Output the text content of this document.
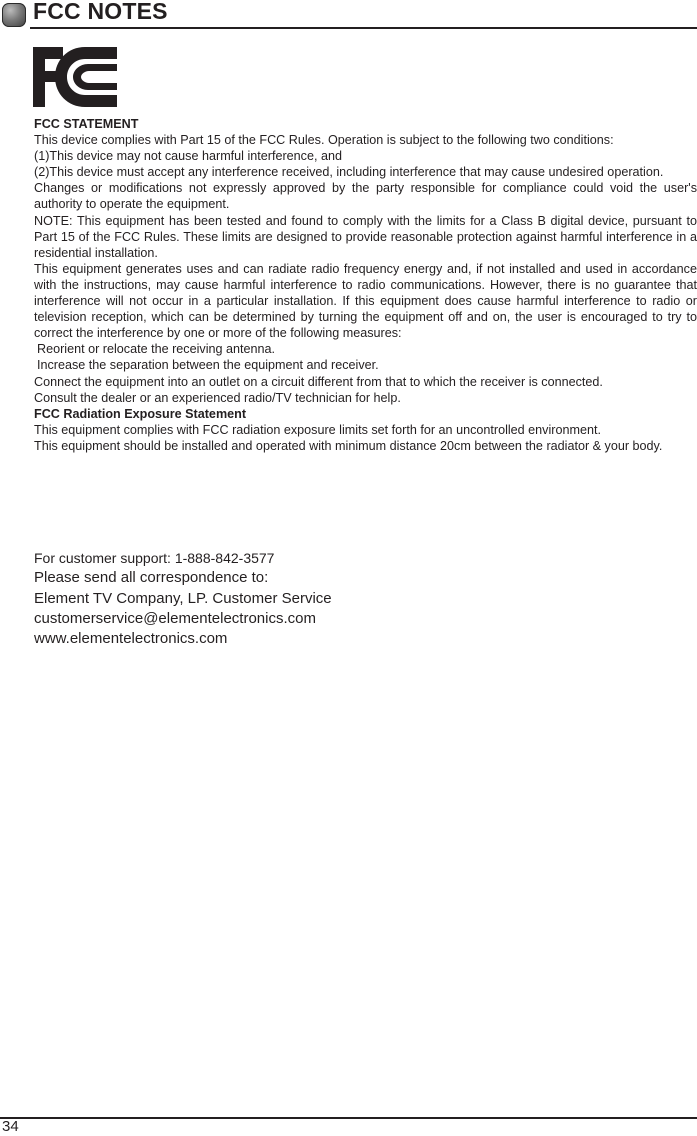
FCC NOTES

FCC STATEMENT

This device complies with Part 15 of the FCC Rules. Operation is subject to the following two conditions:

(1)This device may not cause harmful interference, and

(2)This device must accept any interference received, including interference that may cause undesired operation.

Changes or modifications not expressly approved by the party responsible for compliance could void the user's authority to operate the equipment.

NOTE: This equipment has been tested and found to comply with the limits for a Class B digital device, pursuant to Part 15 of the FCC Rules. These limits are designed to provide reasonable protection against harmful interference in a residential installation.

This equipment generates uses and can radiate radio frequency energy and, if not installed and used in accordance with the instructions, may cause harmful interference to radio communications. However, there is no guarantee that interference will not occur in a particular installation. If this equipment does cause harmful interference to radio or television reception, which can be determined by turning the equipment off and on, the user is encouraged to try to correct the interference by one or more of the following measures:

Reorient or relocate the receiving antenna.

Increase the separation between the equipment and receiver.

Connect the equipment into an outlet on a circuit different from that to which the receiver is connected.

Consult the dealer or an experienced radio/TV technician for help.

FCC Radiation Exposure Statement

This equipment complies with FCC radiation exposure limits set forth for an uncontrolled environment.

This equipment should be installed and operated with minimum distance 20cm between the radiator & your body.

For customer support: 1-888-842-3577

Please send all correspondence to:

Element TV Company, LP. Customer Service

customerservice@elementelectronics.com

www.elementelectronics.com

34
